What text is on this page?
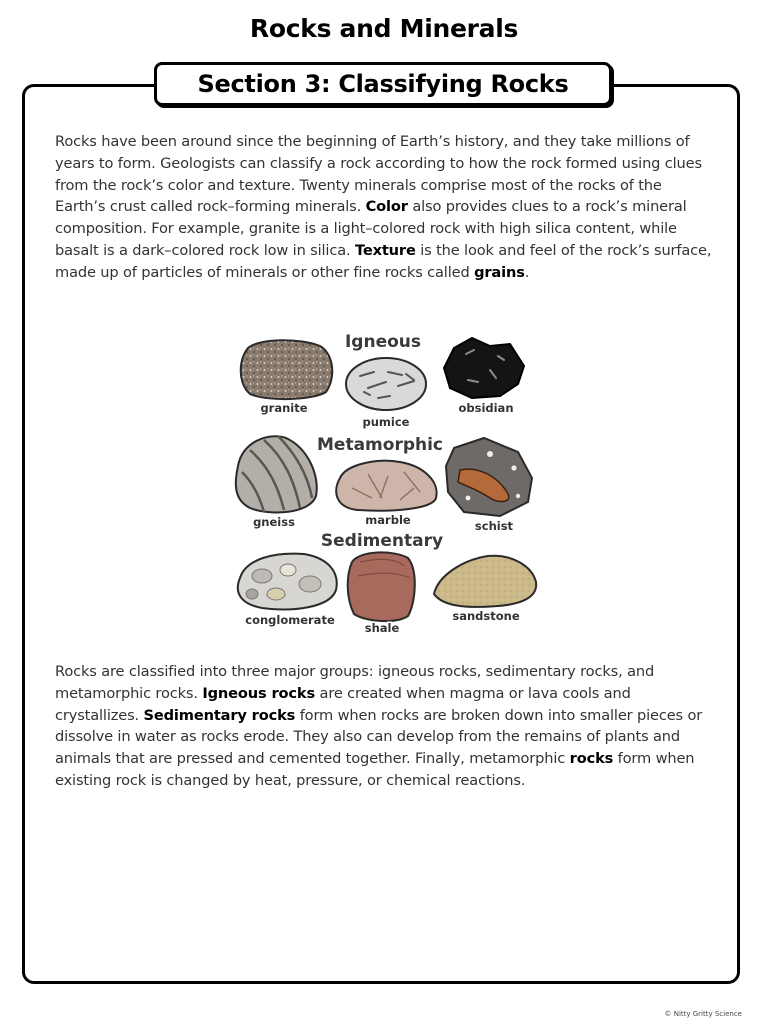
Rocks and Minerals
Section 3: Classifying Rocks
Rocks have been around since the beginning of Earth’s history, and they take millions of years to form. Geologists can classify a rock according to how the rock formed using clues from the rock’s color and texture. Twenty minerals comprise most of the rocks of the Earth’s crust called rock–forming minerals. Color also provides clues to a rock’s mineral composition. For example, granite is a light–colored rock with high silica content, while basalt is a dark–colored rock low in silica. Texture is the look and feel of the rock’s surface, made up of particles of minerals or other fine rocks called grains.
Igneous
granite
pumice
obsidian
Metamorphic
gneiss	marble	schist
Sedimentary
conglomerate
shale
sandstone
Rocks are classified into three major groups: igneous rocks, sedimentary rocks, and metamorphic rocks. Igneous rocks are created when magma or lava cools and crystallizes. Sedimentary rocks form when rocks are broken down into smaller pieces or dissolve in water as rocks erode. They also can develop from the remains of plants and animals that are pressed and cemented together. Finally, metamorphic rocks form when existing rock is changed by heat, pressure, or chemical reactions.
© Nitty Gritty Science
